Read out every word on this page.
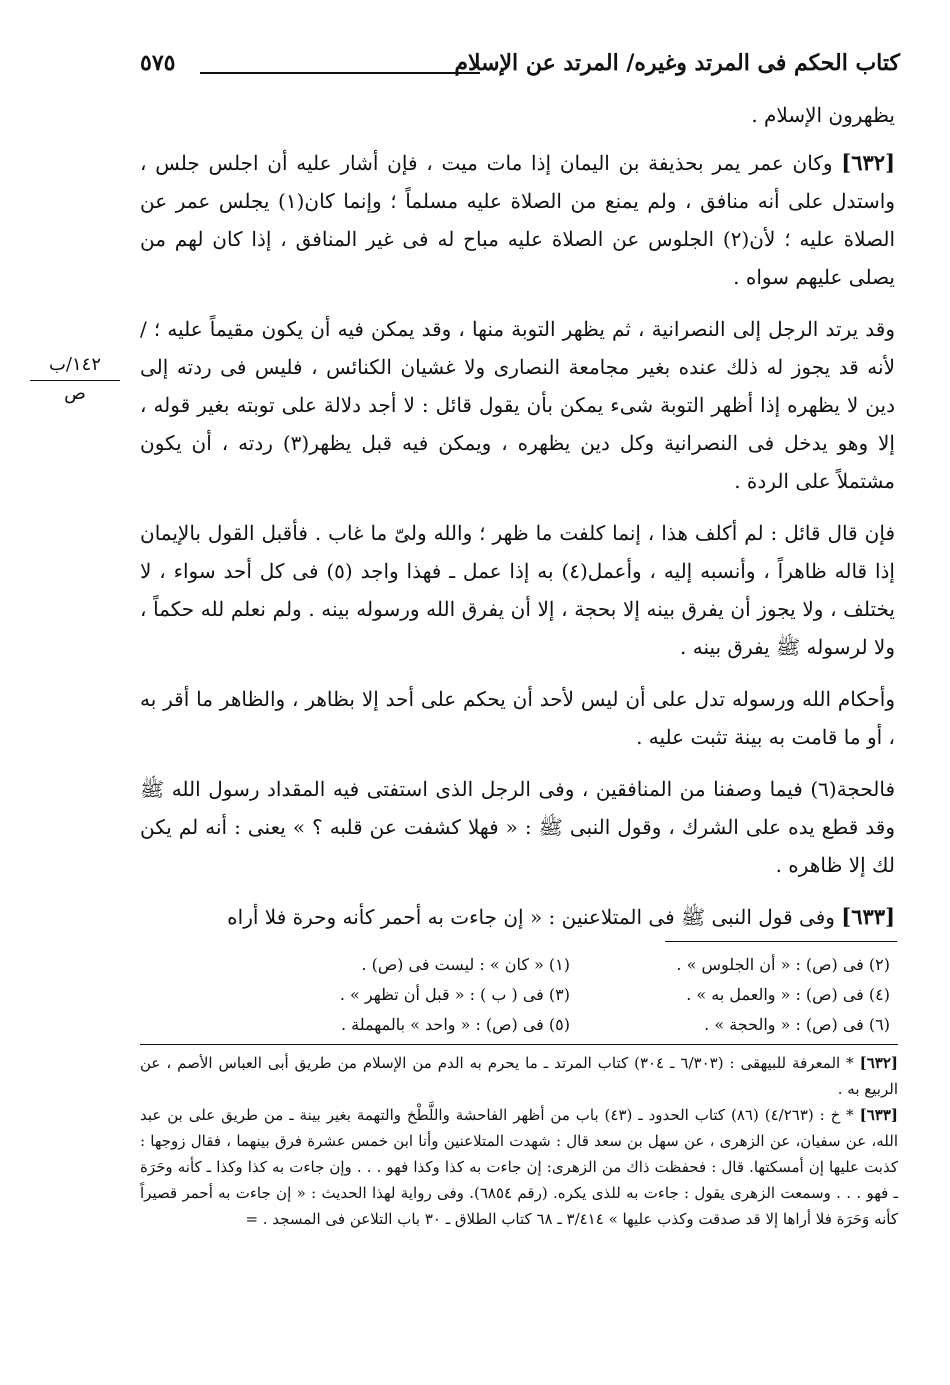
كتاب الحكم فى المرتد وغيره/ المرتد عن الإسلام
٥٧٥
١٤٢/ب
ص

يظهرون الإسلام .

[٦٣٢] وكان عمر يمر بحذيفة بن اليمان إذا مات ميت ، فإن أشار عليه أن اجلس جلس ، واستدل على أنه منافق ، ولم يمنع من الصلاة عليه مسلماً ؛ وإنما كان(١) يجلس عمر عن الصلاة عليه ؛ لأن(٢) الجلوس عن الصلاة عليه مباح له فى غير المنافق ، إذا كان لهم من يصلى عليهم سواه .

وقد يرتد الرجل إلى النصرانية ، ثم يظهر التوبة منها ، وقد يمكن فيه أن يكون مقيماً عليه ؛ / لأنه قد يجوز له ذلك عنده بغير مجامعة النصارى ولا غشيان الكنائس ، فليس فى ردته إلى دين لا يظهره إذا أظهر التوبة شىء يمكن بأن يقول قائل : لا أجد دلالة على توبته بغير قوله ، إلا وهو يدخل فى النصرانية وكل دين يظهره ، ويمكن فيه قبل يظهر(٣) ردته ، أن يكون مشتملاً على الردة .

فإن قال قائل : لم أكلف هذا ، إنما كلفت ما ظهر ؛ والله ولىّ ما غاب . فأقبل القول بالإيمان إذا قاله ظاهراً ، وأنسبه إليه ، وأعمل(٤) به إذا عمل ـ فهذا واجد (٥) فى كل أحد سواء ، لا يختلف ، ولا يجوز أن يفرق بينه إلا بحجة ، إلا أن يفرق الله ورسوله بينه . ولم نعلم لله حكماً ، ولا لرسوله ﷺ يفرق بينه .

وأحكام الله ورسوله تدل على أن ليس لأحد أن يحكم على أحد إلا بظاهر ، والظاهر ما أقر به ، أو ما قامت به بينة تثبت عليه .

فالحجة(٦) فيما وصفنا من المنافقين ، وفى الرجل الذى استفتى فيه المقداد رسول الله ﷺ وقد قطع يده على الشرك ، وقول النبى ﷺ : « فهلا كشفت عن قلبه ؟ » يعنى : أنه لم يكن لك إلا ظاهره .

[٦٣٣] وفى قول النبى ﷺ فى المتلاعنين : « إن جاءت به أحمر كأنه وحرة فلا أراه

(١) « كان » : ليست فى (ص) .	(٢) فى (ص) : « أن الجلوس » .
(٣) فى ( ب ) : « قبل أن تظهر » .	(٤) فى (ص) : « والعمل به » .
(٥) فى (ص) : « واحد » بالمهملة .	(٦) فى (ص) : « والحجة » .

[٦٣٢] * المعرفة للبيهقى : (٦/٣٠٣ ـ ٣٠٤) كتاب المرتد ـ ما يحرم به الدم من الإسلام من طريق أبى العباس الأصم ، عن الربيع به .

[٦٣٣] * خ : (٤/٢٦٣) (٨٦) كتاب الحدود ـ (٤٣) باب من أظهر الفاحشة واللَّطْخ والتهمة بغير بينة ـ من طريق على بن عبد الله، عن سفيان، عن الزهرى ، عن سهل بن سعد قال : شهدت المتلاعنين وأنا ابن خمس عشرة فرق بينهما ، فقال زوجها : كذبت عليها إن أمسكتها. قال : فحفظت ذاك من الزهرى: إن جاءت به كذا وكذا فهو . . . وإن جاءت به كذا وكذا ـ كأنه وحَرَة ـ فهو . . . وسمعت الزهرى يقول : جاءت به للذى يكره. (رقم ٦٨٥٤). وفى رواية لهذا الحديث : « إن جاءت به أحمر قصيراً كأنه وَحَرَة فلا أراها إلا قد صدقت وكذب عليها » ٣/٤١٤ ـ ٦٨ كتاب الطلاق ـ ٣٠ باب التلاعن فى المسجد . =
